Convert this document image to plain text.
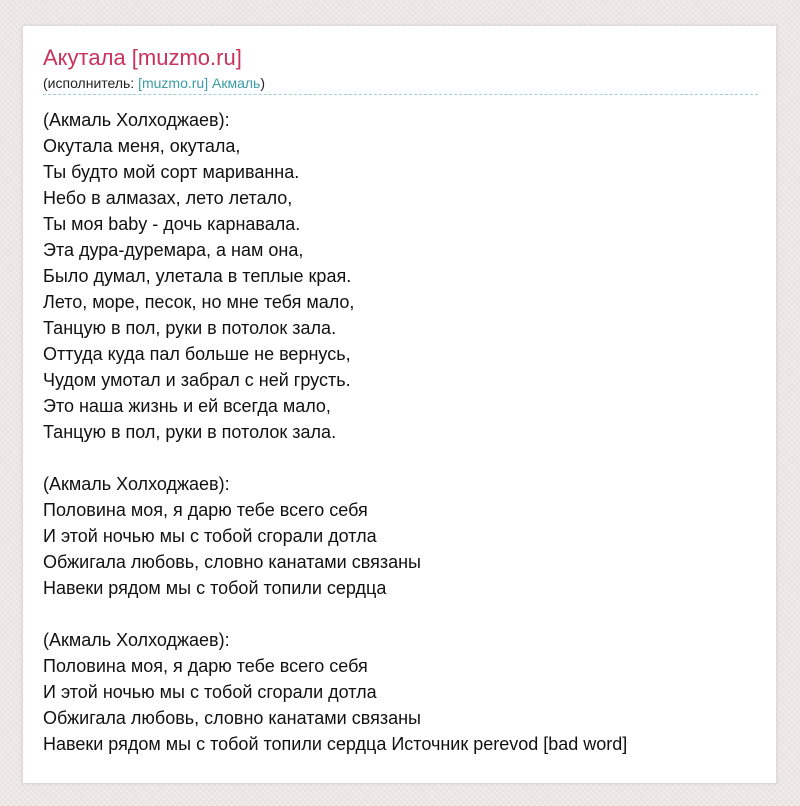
Акутала [muzmo.ru]
(исполнитель: [muzmo.ru] Акмаль)
(Акмаль Холходжаев):
Окутала меня, окутала,
Ты будто мой сорт мариванна.
Небо в алмазах, лето летало,
Ты моя baby - дочь карнавала.
Эта дура-дуремара, а нам она,
Было думал, улетала в теплые края.
Лето, море, песок, но мне тебя мало,
Танцую в пол, руки в потолок зала.
Оттуда куда пал больше не вернусь,
Чудом умотал и забрал с ней грусть.
Это наша жизнь и ей всегда мало,
Танцую в пол, руки в потолок зала.
(Акмаль Холходжаев):
Половина моя, я дарю тебе всего себя
И этой ночью мы с тобой сгорали дотла
Обжигала любовь, словно канатами связаны
Навеки рядом мы с тобой топили сердца
(Акмаль Холходжаев):
Половина моя, я дарю тебе всего себя
И этой ночью мы с тобой сгорали дотла
Обжигала любовь, словно канатами связаны
Навеки рядом мы с тобой топили сердца Источник perevod [bad word]
